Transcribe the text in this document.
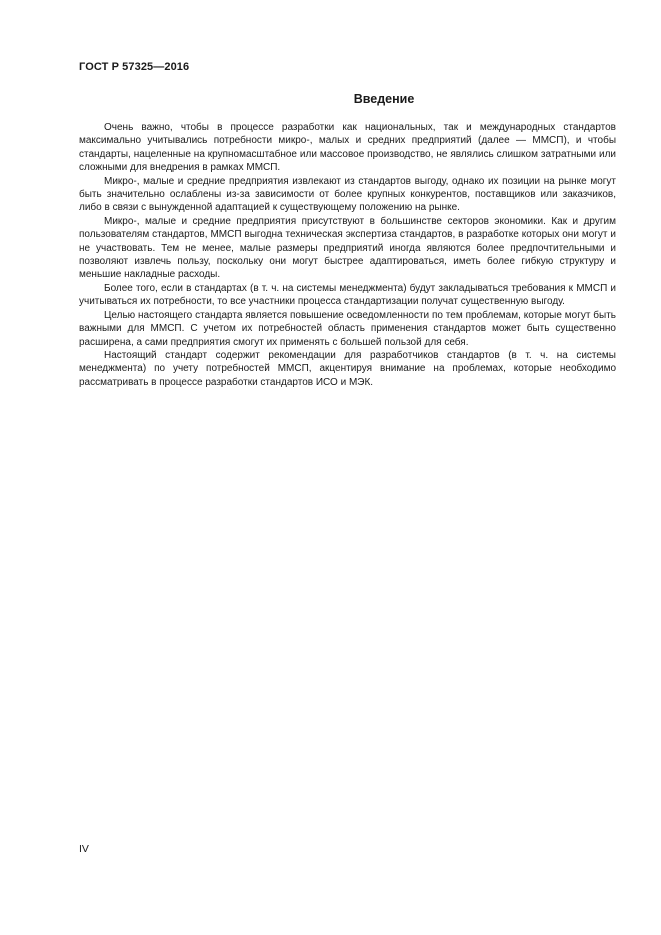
ГОСТ Р 57325—2016

Введение

Очень важно, чтобы в процессе разработки как национальных, так и международных стандартов максимально учитывались потребности микро-, малых и средних предприятий (далее — ММСП), и чтобы стандарты, нацеленные на крупномасштабное или массовое производство, не являлись слишком затратными или сложными для внедрения в рамках ММСП.

Микро-, малые и средние предприятия извлекают из стандартов выгоду, однако их позиции на рынке могут быть значительно ослаблены из-за зависимости от более крупных конкурентов, поставщиков или заказчиков, либо в связи с вынужденной адаптацией к существующему положению на рынке.

Микро-, малые и средние предприятия присутствуют в большинстве секторов экономики. Как и другим пользователям стандартов, ММСП выгодна техническая экспертиза стандартов, в разработке которых они могут и не участвовать. Тем не менее, малые размеры предприятий иногда являются более предпочтительными и позволяют извлечь пользу, поскольку они могут быстрее адаптироваться, иметь более гибкую структуру и меньшие накладные расходы.

Более того, если в стандартах (в т. ч. на системы менеджмента) будут закладываться требования к ММСП и учитываться их потребности, то все участники процесса стандартизации получат существенную выгоду.

Целью настоящего стандарта является повышение осведомленности по тем проблемам, которые могут быть важными для ММСП. С учетом их потребностей область применения стандартов может быть существенно расширена, а сами предприятия смогут их применять с большей пользой для себя.

Настоящий стандарт содержит рекомендации для разработчиков стандартов (в т. ч. на системы менеджмента) по учету потребностей ММСП, акцентируя внимание на проблемах, которые необходимо рассматривать в процессе разработки стандартов ИСО и МЭК.

IV
